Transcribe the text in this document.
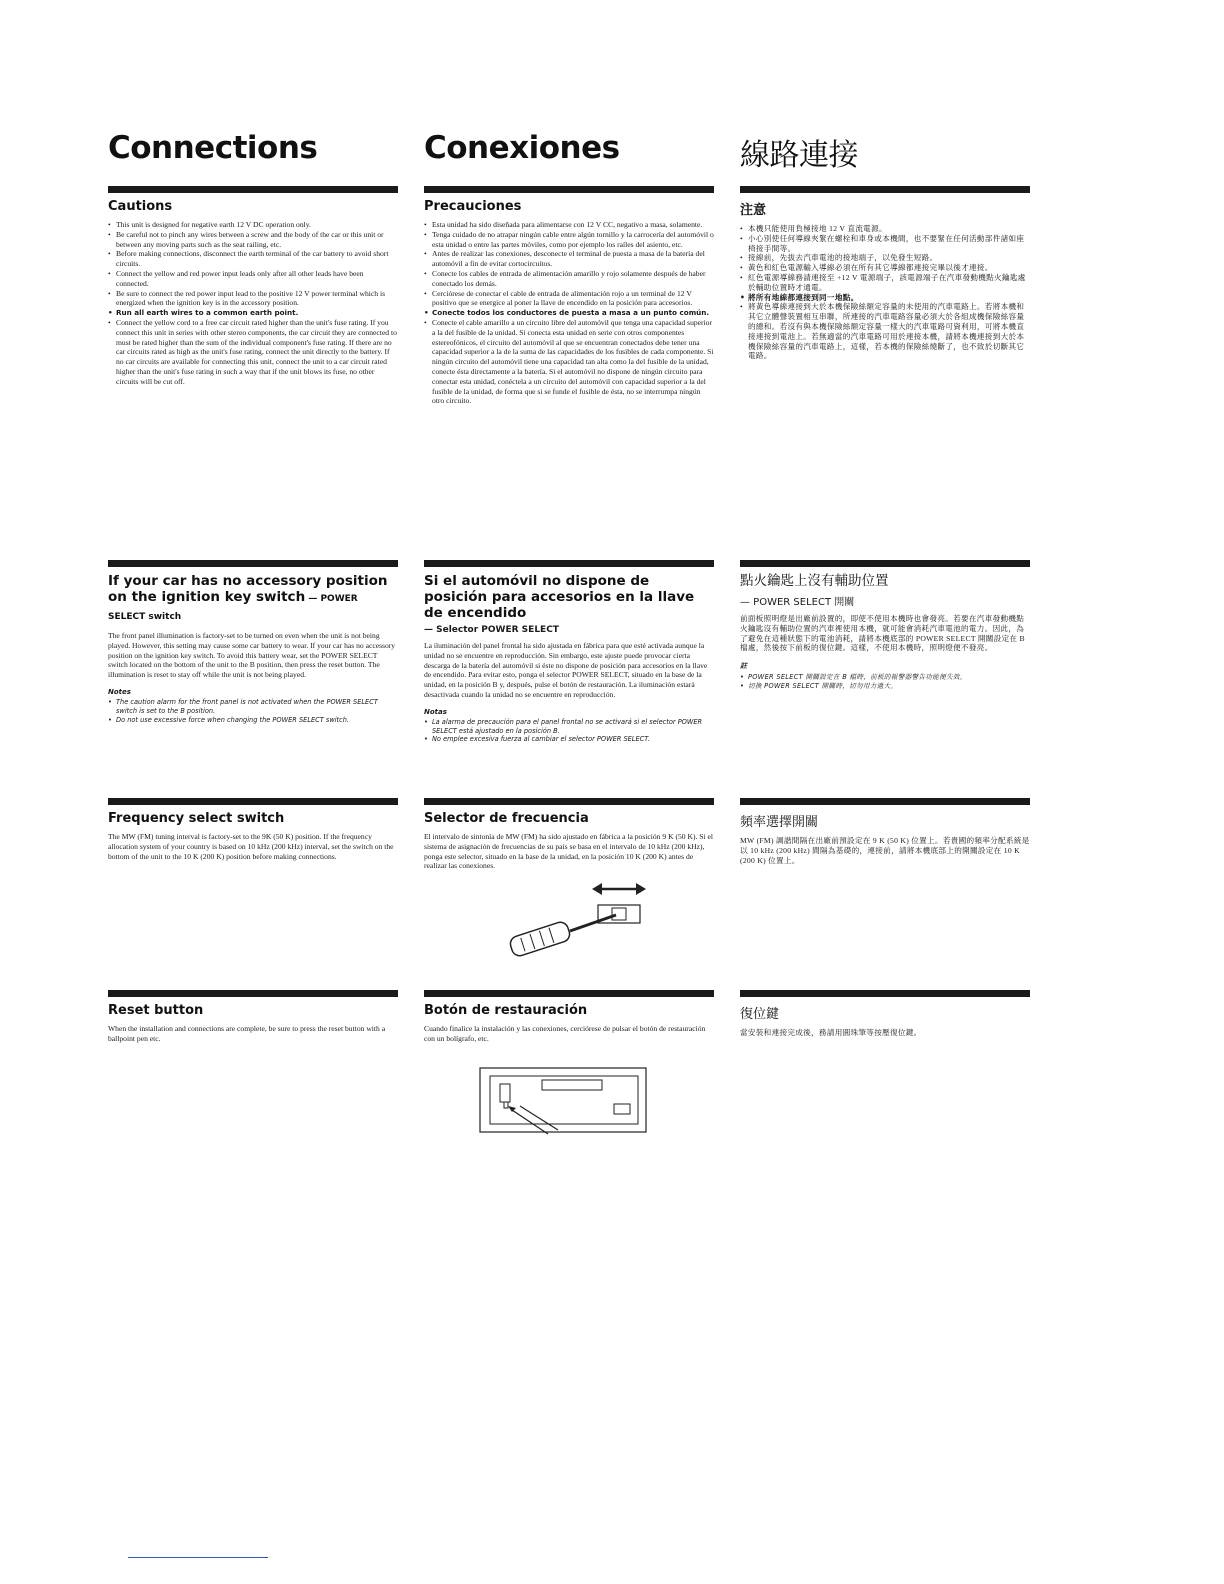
Connections	Conexiones	線路連接
Cautions
• This unit is designed for negative earth 12 V DC operation only.
• Be careful not to pinch any wires between a screw and the body of the car or this unit or between any moving parts such as the seat railing, etc.
• Before making connections, disconnect the earth terminal of the car battery to avoid short circuits.
• Connect the yellow and red power input leads only after all other leads have been connected.
• Be sure to connect the red power input lead to the positive 12 V power terminal which is energized when the ignition key is in the accessory position.
• Run all earth wires to a common earth point.
• Connect the yellow cord to a free car circuit rated higher than the unit's fuse rating. If you connect this unit in series with other stereo components, the car circuit they are connected to must be rated higher than the sum of the individual component's fuse rating. If there are no car circuits rated as high as the unit's fuse rating, connect the unit directly to the battery. If no car circuits are available for connecting this unit, connect the unit to a car circuit rated higher than the unit's fuse rating in such a way that if the unit blows its fuse, no other circuits will be cut off.
Precauciones
• Esta unidad ha sido diseñada para alimentarse con 12 V CC, negativo a masa, solamente.
• Tenga cuidado de no atrapar ningún cable entre algún tornillo y la carrocería del automóvil o esta unidad o entre las partes móviles, como por ejemplo los raíles del asiento, etc.
• Antes de realizar las conexiones, desconecte el terminal de puesta a masa de la batería del automóvil a fin de evitar cortocircuitos.
• Conecte los cables de entrada de alimentación amarillo y rojo solamente después de haber conectado los demás.
• Cerciórese de conectar el cable de entrada de alimentación rojo a un terminal de 12 V positivo que se energice al poner la llave de encendido en la posición para accesorios.
• Conecte todos los conductores de puesta a masa a un punto común.
• Conecte el cable amarillo a un circuito libre del automóvil que tenga una capacidad superior a la del fusible de la unidad. Si conecta esta unidad en serie con otros componentes estereofónicos, el circuito del automóvil al que se encuentran conectados debe tener una capacidad superior a la de la suma de las capacidades de los fusibles de cada componente. Si ningún circuito del automóvil tiene una capacidad tan alta como la del fusible de la unidad, conecte ésta directamente a la batería. Si el automóvil no dispone de ningún circuito para conectar esta unidad, conéctela a un circuito del automóvil con capacidad superior a la del fusible de la unidad, de forma que si se funde el fusible de ésta, no se interrumpa ningún otro circuito.
注意
• 本機只能使用負極接地 12 V 直流電源。
• 小心別使任何導線夾緊在螺栓和車身或本機間，也不要緊在任何活動部件諸如座椅接手間等。
• 接線前，先拔去汽車電池的接地端子，以免發生短路。
• 黃色和紅色電源輸入導線必須在所有其它導線都連接完畢以後才連接。
• 紅色電源導線務請連接至 +12 V 電源端子，該電源端子在汽車發動機點火鑰匙處於輔助位置時才通電。
• 將所有地線都連接到同一地點。
• 將黃色導線連接到大於本機保險絲額定容量的未使用的汽車電路上。若將本機和其它立體聲裝置相互串聯，所連接的汽車電路容量必須大於各組成機保險絲容量的總和。若沒有與本機保險絲額定容量一樣大的汽車電路可資利用，可將本機直接連接到電池上。若無適當的汽車電路可用於連接本機，請將本機連接到大於本機保險絲容量的汽車電路上，這樣，若本機的保險絲燒斷了，也不致於切斷其它電路。
If your car has no accessory position on the ignition key switch — POWER SELECT switch

The front panel illumination is factory-set to be turned on even when the unit is not being played. However, this setting may cause some car battery to wear. If your car has no accessory position on the ignition key switch. To avoid this battery wear, set the POWER SELECT switch located on the bottom of the unit to the B position, then press the reset button. The illumination is reset to stay off while the unit is not being played.

Notes
• The caution alarm for the front panel is not activated when the POWER SELECT switch is set to the B position.
• Do not use excessive force when changing the POWER SELECT switch.
Si el automóvil no dispone de posición para accesorios en la llave de encendido
— Selector POWER SELECT

La iluminación del panel frontal ha sido ajustada en fábrica para que esté activada aunque la unidad no se encuentre en reproducción. Sin embargo, este ajuste puede provocar cierta descarga de la batería del automóvil si éste no dispone de posición para accesorios en la llave de encendido. Para evitar esto, ponga el selector POWER SELECT, situado en la base de la unidad, en la posición B y, después, pulse el botón de restauración. La iluminación estará desactivada cuando la unidad no se encuentre en reproducción.

Notas
• La alarma de precaución para el panel frontal no se activará si el selector POWER SELECT está ajustado en la posición B.
• No emplee excesiva fuerza al cambiar el selector POWER SELECT.
點火鑰匙上沒有輔助位置
— POWER SELECT 開關

前面板照明燈是出廠前設置的，即使不使用本機時也會發亮。若要在汽車發動機點火鑰匙沒有輔助位置的汽車裡使用本機，就可能會消耗汽車電池的電力。因此，為了避免在這種狀態下的電池消耗，請將本機底部的 POWER SELECT 開關設定在 B 檔處，然後按下前板的復位鍵。這樣，不使用本機時，照明燈便不發亮。

註
• POWER SELECT 開關設定在 B 檔時，前板的報警器警告功能便失效。
• 切換 POWER SELECT 開關時，切勿用力過大。
Frequency select switch

The MW (FM) tuning interval is factory-set to the 9K (50 K) position. If the frequency allocation system of your country is based on 10 kHz (200 kHz) interval, set the switch on the bottom of the unit to the 10 K (200 K) position before making connections.

Selector de frecuencia

El intervalo de sintonía de MW (FM) ha sido ajustado en fábrica a la posición 9 K (50 K). Si el sistema de asignación de frecuencias de su país se basa en el intervalo de 10 kHz (200 kHz), ponga este selector, situado en la base de la unidad, en la posición 10 K (200 K) antes de realizar las conexiones.

頻率選擇開關

MW (FM) 調諧間隔在出廠前預設定在 9 K (50 K) 位置上。若貴國的頻率分配系統是以 10 kHz (200 kHz) 間隔為基礎的，連接前，請將本機底部上的開關設定在 10 K (200 K) 位置上。

Reset button

When the installation and connections are complete, be sure to press the reset button with a ballpoint pen etc.

Botón de restauración

Cuando finalice la instalación y las conexiones, cerciórese de pulsar el botón de restauración con un bolígrafo, etc.

復位鍵

當安裝和連接完成後，務請用圓珠筆等按壓復位鍵。
